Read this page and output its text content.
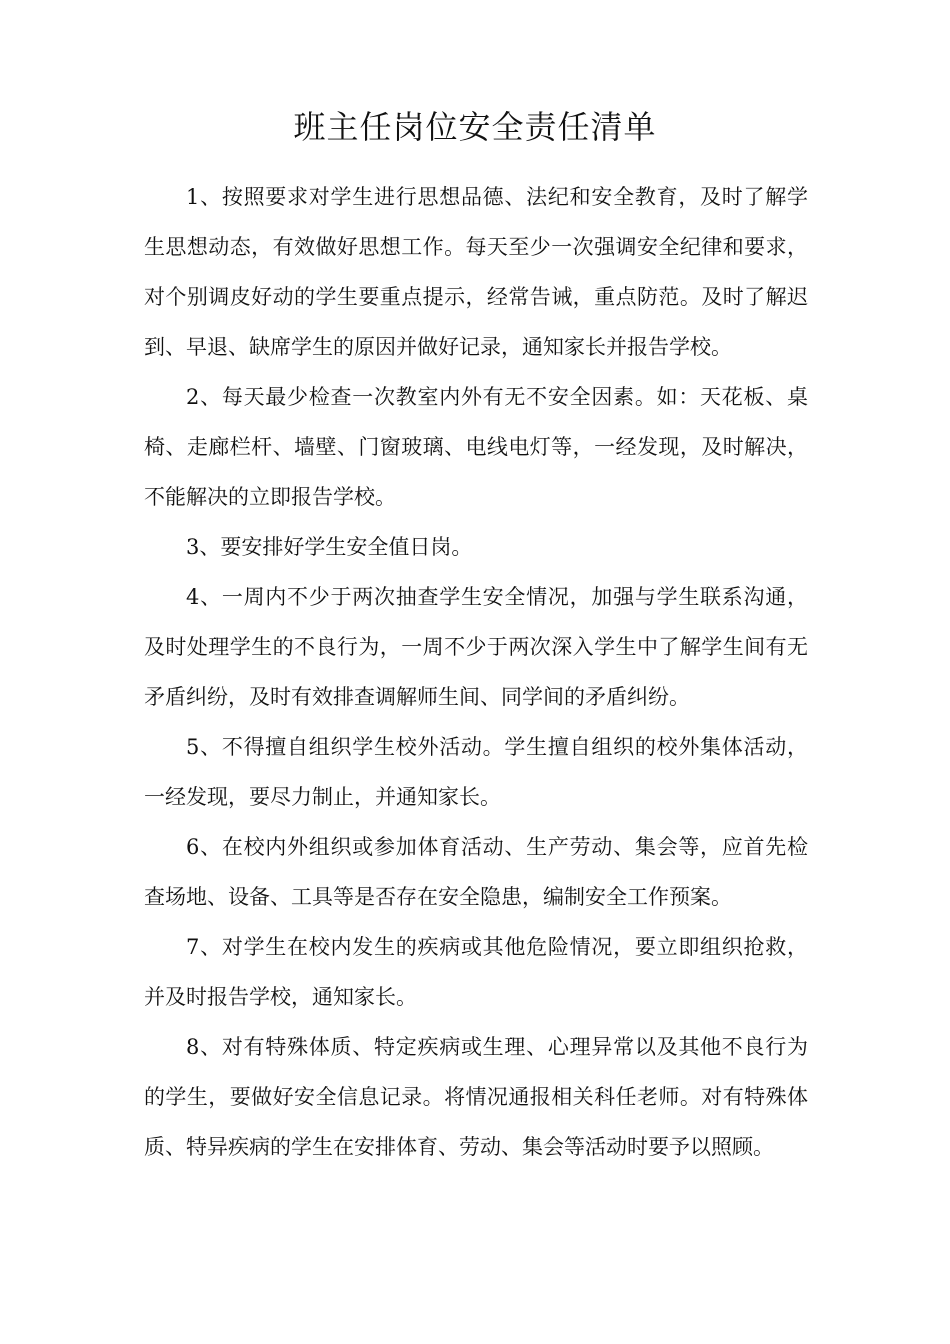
班主任岗位安全责任清单

1、按照要求对学生进行思想品德、法纪和安全教育，及时了解学生思想动态，有效做好思想工作。每天至少一次强调安全纪律和要求，对个别调皮好动的学生要重点提示，经常告诫，重点防范。及时了解迟到、早退、缺席学生的原因并做好记录，通知家长并报告学校。

2、每天最少检查一次教室内外有无不安全因素。如：天花板、桌椅、走廊栏杆、墙壁、门窗玻璃、电线电灯等，一经发现，及时解决，不能解决的立即报告学校。

3、要安排好学生安全值日岗。

4、一周内不少于两次抽查学生安全情况，加强与学生联系沟通，及时处理学生的不良行为，一周不少于两次深入学生中了解学生间有无矛盾纠纷，及时有效排查调解师生间、同学间的矛盾纠纷。

5、不得擅自组织学生校外活动。学生擅自组织的校外集体活动，一经发现，要尽力制止，并通知家长。

6、在校内外组织或参加体育活动、生产劳动、集会等，应首先检查场地、设备、工具等是否存在安全隐患，编制安全工作预案。

7、对学生在校内发生的疾病或其他危险情况，要立即组织抢救，并及时报告学校，通知家长。

8、对有特殊体质、特定疾病或生理、心理异常以及其他不良行为的学生，要做好安全信息记录。将情况通报相关科任老师。对有特殊体质、特异疾病的学生在安排体育、劳动、集会等活动时要予以照顾。
